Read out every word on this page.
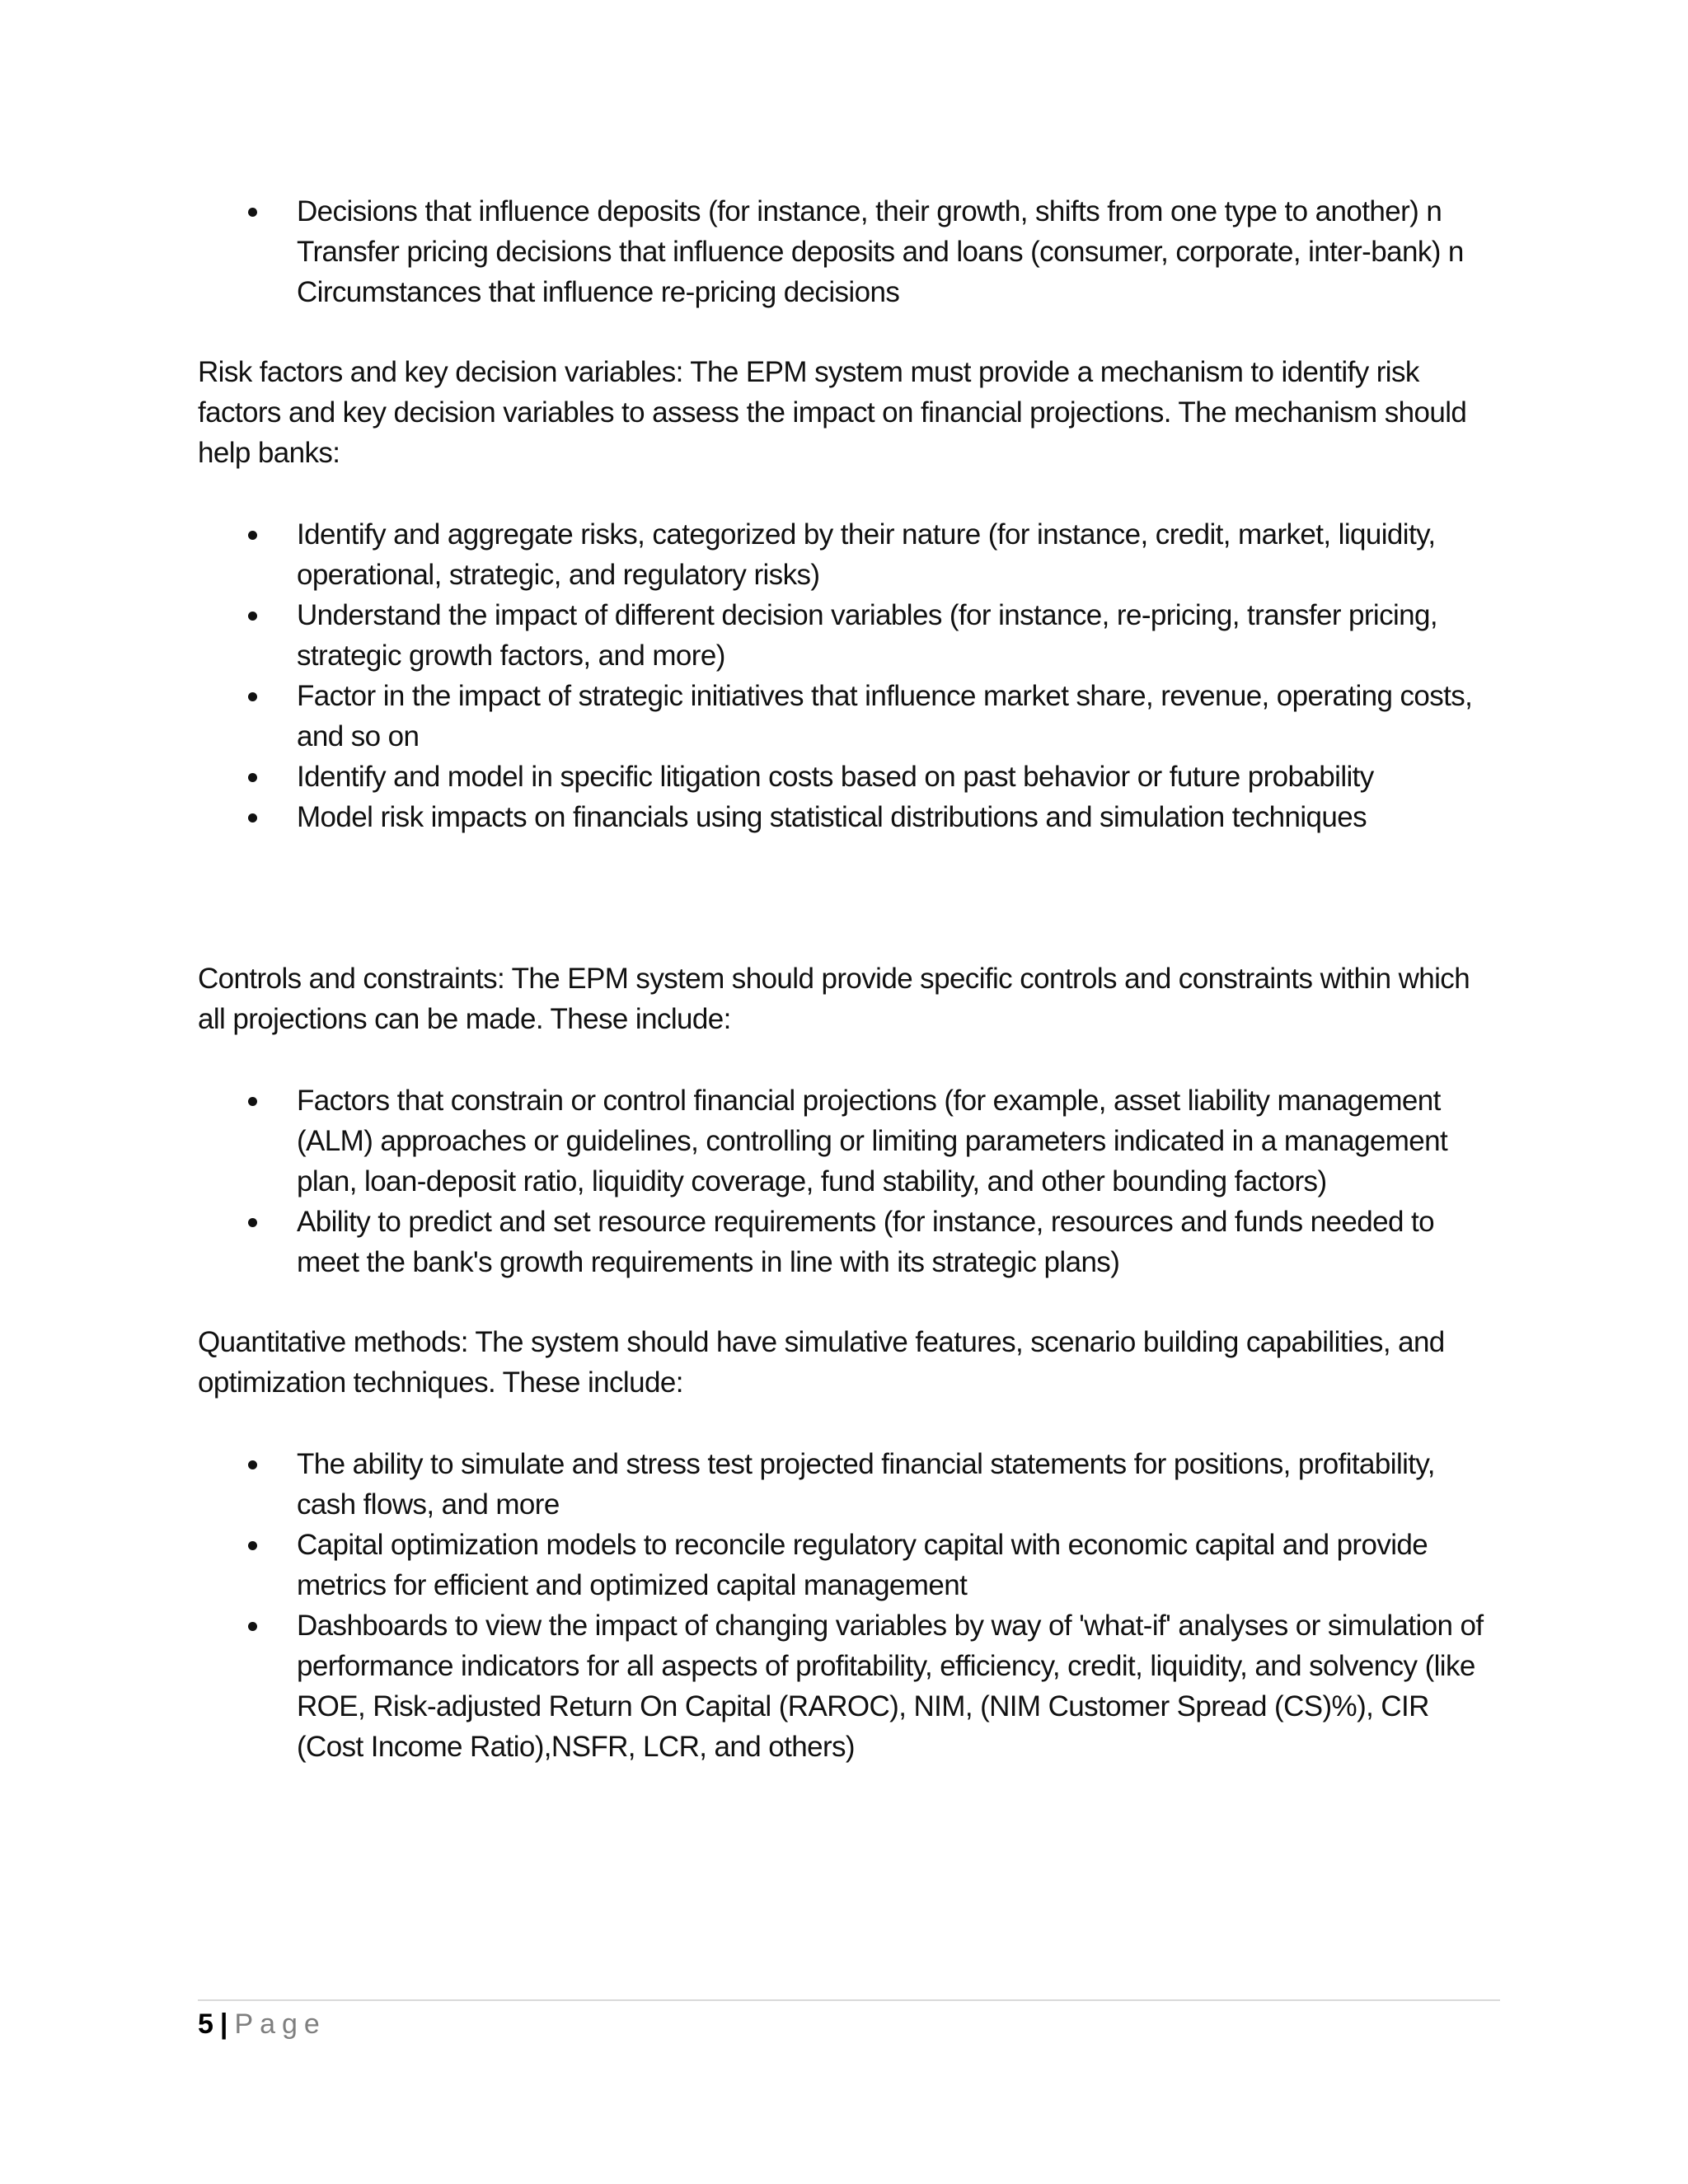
Decisions that influence deposits (for instance, their growth, shifts from one type to another) n Transfer pricing decisions that influence deposits and loans (consumer, corporate, inter-bank) n Circumstances that influence re-pricing decisions

Risk factors and key decision variables: The EPM system must provide a mechanism to identify risk factors and key decision variables to assess the impact on financial projections. The mechanism should help banks:

Identify and aggregate risks, categorized by their nature (for instance, credit, market, liquidity, operational, strategic, and regulatory risks)
Understand the impact of different decision variables (for instance, re-pricing, transfer pricing, strategic growth factors, and more)
Factor in the impact of strategic initiatives that influence market share, revenue, operating costs, and so on
Identify and model in specific litigation costs based on past behavior or future probability
Model risk impacts on financials using statistical distributions and simulation techniques

Controls and constraints: The EPM system should provide specific controls and constraints within which all projections can be made. These include:

Factors that constrain or control financial projections (for example, asset liability management (ALM) approaches or guidelines, controlling or limiting parameters indicated in a management plan, loan-deposit ratio, liquidity coverage, fund stability, and other bounding factors)
Ability to predict and set resource requirements (for instance, resources and funds needed to meet the bank's growth requirements in line with its strategic plans)

Quantitative methods: The system should have simulative features, scenario building capabilities, and optimization techniques. These include:

The ability to simulate and stress test projected financial statements for positions, profitability, cash flows, and more
Capital optimization models to reconcile regulatory capital with economic capital and provide metrics for efficient and optimized capital management
Dashboards to view the impact of changing variables by way of 'what-if' analyses or simulation of performance indicators for all aspects of profitability, efficiency, credit, liquidity, and solvency (like ROE, Risk-adjusted Return On Capital (RAROC), NIM, (NIM Customer Spread (CS)%), CIR (Cost Income Ratio),NSFR, LCR, and others)
5 | Page
